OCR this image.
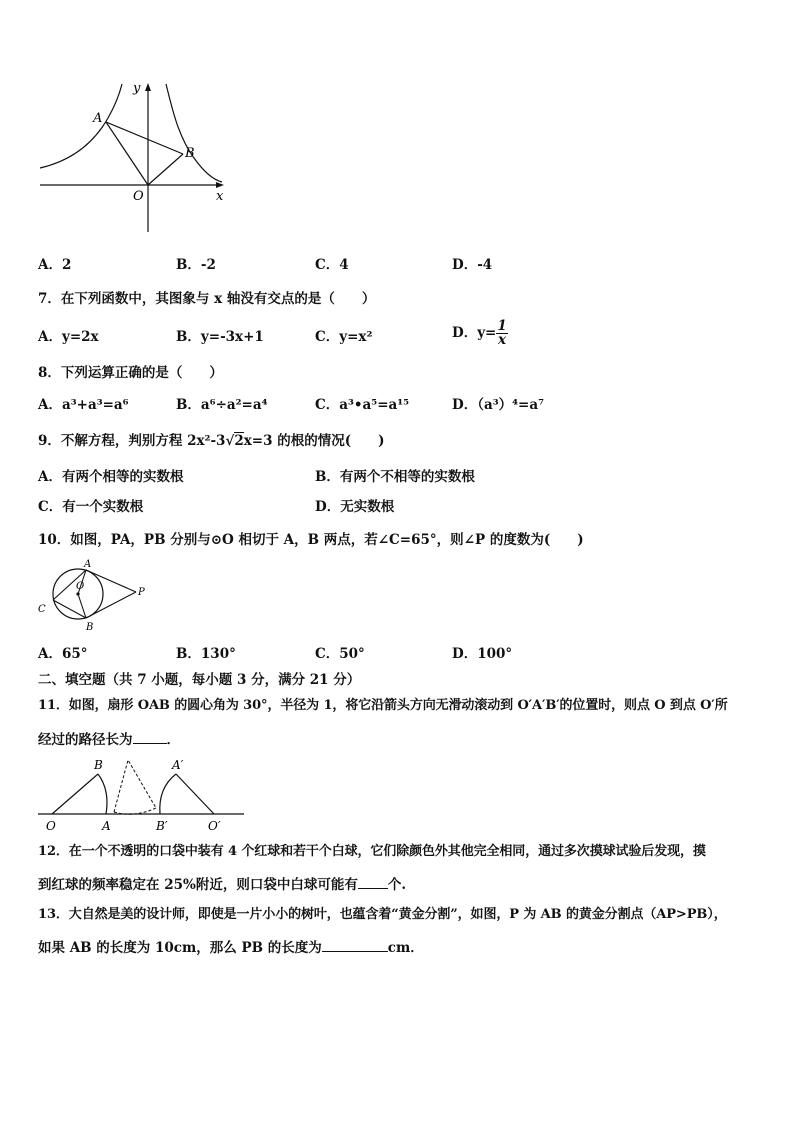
y
x
O
A
B
A．2	B．-2	C．4	D．-4
7．在下列函数中，其图象与 x 轴没有交点的是（　　）
A．y=2x	B．y=-3x+1	C．y=x²	D．$y= \frac{1}{x}$
8．下列运算正确的是（　　）
A．a³+a³=a⁶	B．a⁶÷a²=a⁴	C．a³•a⁵=a¹⁵	D．（a³）⁴=a⁷
9．不解方程，判别方程 2x²-3√2x=3 的根的情况(　　)
A．有两个相等的实数根	B．有两个不相等的实数根
C．有一个实数根	D．无实数根
10．如图，PA，PB 分别与⊙O 相切于 A，B 两点，若∠C=65°，则∠P 的度数为(　　)
A
B
C
O
P
A．65°	B．130°	C．50°	D．100°
二、填空题（共 7 小题，每小题 3 分，满分 21 分）
11．如图，扇形 OAB 的圆心角为 30°，半径为 1，将它沿箭头方向无滑动滚动到 O′A′B′的位置时，则点 O 到点 O′所
经过的路径长为	．
O	A
B
B′
A′
O′
12．在一个不透明的口袋中装有 4 个红球和若干个白球，它们除颜色外其他完全相同，通过多次摸球试验后发现，摸
到红球的频率稳定在 25%附近，则口袋中白球可能有 个.
13．大自然是美的设计师，即使是一片小小的树叶，也蕴含着“黄金分割”，如图，P 为 AB 的黄金分割点（AP>PB），
如果 AB 的长度为 10cm，那么 PB 的长度为	cm．
